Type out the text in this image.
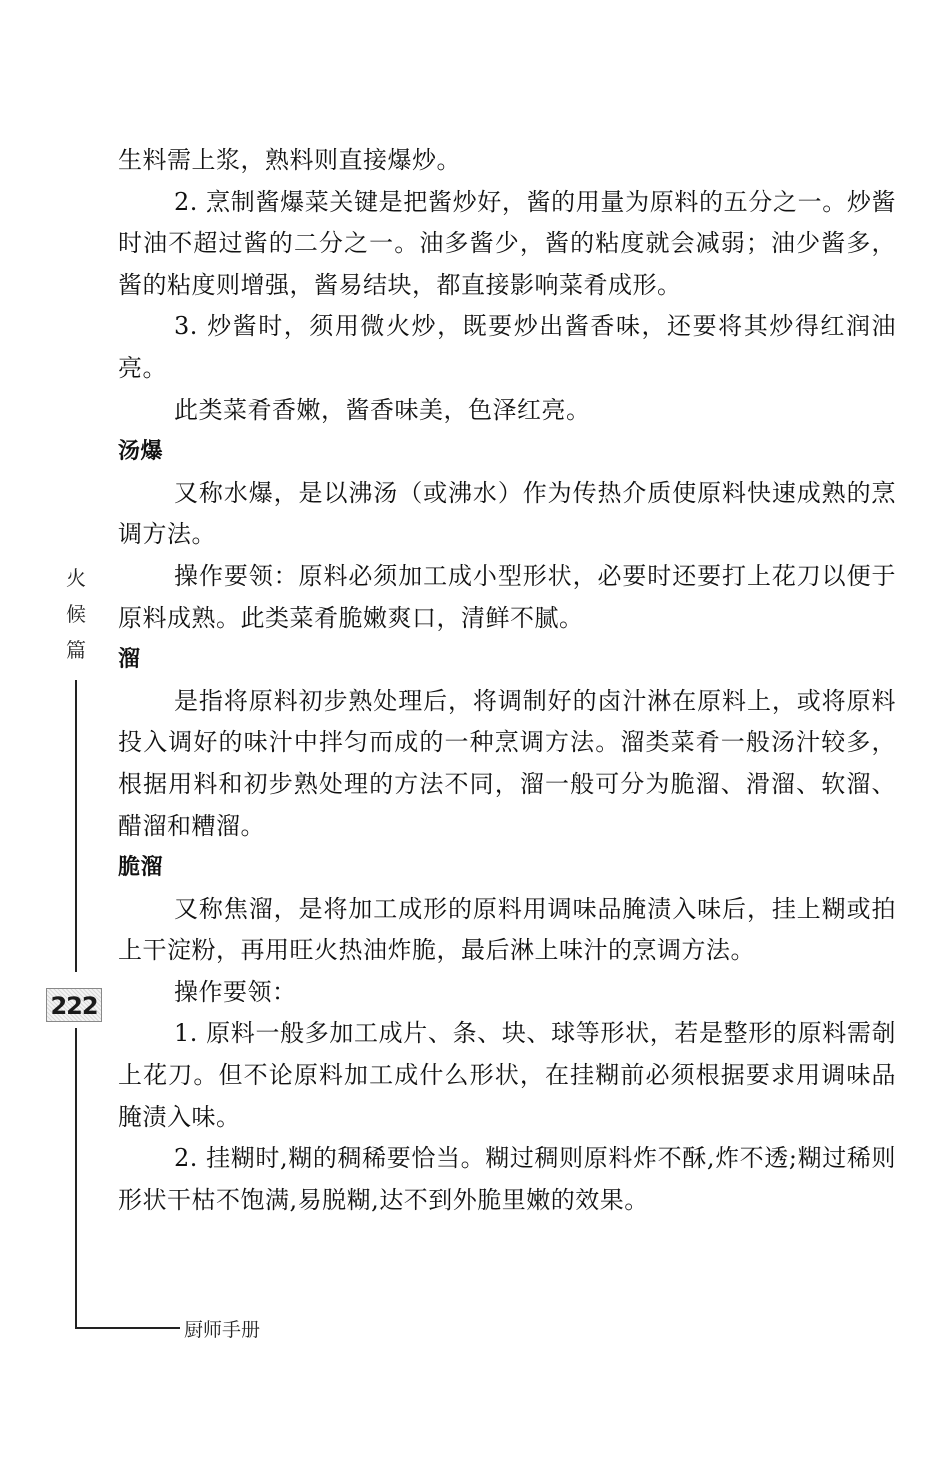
生料需上浆，熟料则直接爆炒。

2. 烹制酱爆菜关键是把酱炒好，酱的用量为原料的五分之一。炒酱时油不超过酱的二分之一。油多酱少，酱的粘度就会减弱；油少酱多，酱的粘度则增强，酱易结块，都直接影响菜肴成形。

3. 炒酱时，须用微火炒，既要炒出酱香味，还要将其炒得红润油亮。

此类菜肴香嫩，酱香味美，色泽红亮。

汤爆

又称水爆，是以沸汤（或沸水）作为传热介质使原料快速成熟的烹调方法。

操作要领：原料必须加工成小型形状，必要时还要打上花刀以便于原料成熟。此类菜肴脆嫩爽口，清鲜不腻。

溜

是指将原料初步熟处理后，将调制好的卤汁淋在原料上，或将原料投入调好的味汁中拌匀而成的一种烹调方法。溜类菜肴一般汤汁较多，根据用料和初步熟处理的方法不同，溜一般可分为脆溜、滑溜、软溜、醋溜和糟溜。

脆溜

又称焦溜，是将加工成形的原料用调味品腌渍入味后，挂上糊或拍上干淀粉，再用旺火热油炸脆，最后淋上味汁的烹调方法。

操作要领：

1. 原料一般多加工成片、条、块、球等形状，若是整形的原料需剞上花刀。但不论原料加工成什么形状，在挂糊前必须根据要求用调味品腌渍入味。

2. 挂糊时,糊的稠稀要恰当。糊过稠则原料炸不酥,炸不透;糊过稀则形状干枯不饱满,易脱糊,达不到外脆里嫩的效果。

火
候
篇
222
厨师手册
